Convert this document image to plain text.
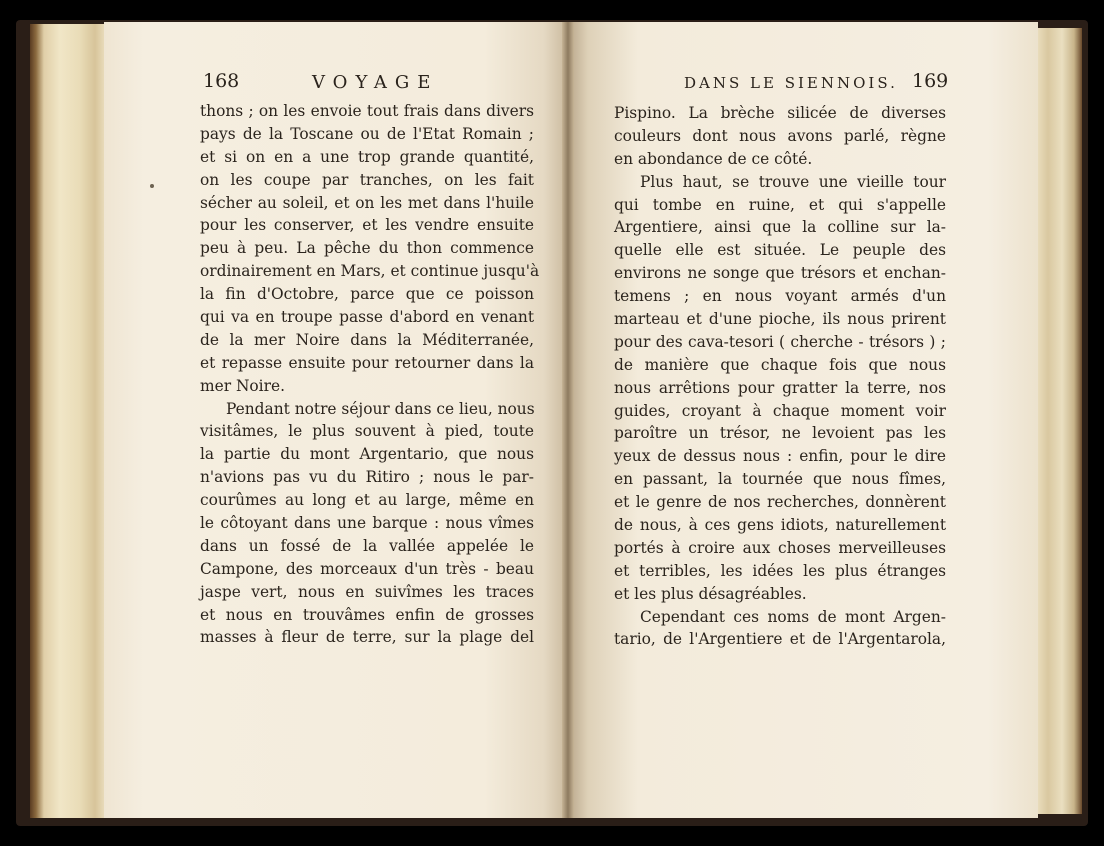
168	VOYAGE	DANS LE SIENNOIS. 169
thons ; on les envoie tout frais dans divers
pays de la Toscane ou de l'Etat Romain ;
et si on en a une trop grande quantité,
on les coupe par tranches, on les fait
sécher au soleil, et on les met dans l'huile
pour les conserver, et les vendre ensuite
peu à peu. La pêche du thon commence
ordinairement en Mars, et continue jusqu'à
la fin d'Octobre, parce que ce poisson
qui va en troupe passe d'abord en venant
de la mer Noire dans la Méditerranée,
et repasse ensuite pour retourner dans la
mer Noire.
Pendant notre séjour dans ce lieu, nous
visitâmes, le plus souvent à pied, toute
la partie du mont Argentario, que nous
n'avions pas vu du Ritiro ; nous le par-
courûmes au long et au large, même en
le côtoyant dans une barque : nous vîmes
dans un fossé de la vallée appelée le
Campone, des morceaux d'un très - beau
jaspe vert, nous en suivîmes les traces
et nous en trouvâmes enfin de grosses
masses à fleur de terre, sur la plage del
Pispino. La brèche silicée de diverses
couleurs dont nous avons parlé, règne
en abondance de ce côté.
Plus haut, se trouve une vieille tour
qui tombe en ruine, et qui s'appelle
Argentiere, ainsi que la colline sur la-
quelle elle est située. Le peuple des
environs ne songe que trésors et enchan-
temens ; en nous voyant armés d'un
marteau et d'une pioche, ils nous prirent
pour des cava-tesori ( cherche - trésors ) ;
de manière que chaque fois que nous
nous arrêtions pour gratter la terre, nos
guides, croyant à chaque moment voir
paroître un trésor, ne levoient pas les
yeux de dessus nous : enfin, pour le dire
en passant, la tournée que nous fîmes,
et le genre de nos recherches, donnèrent
de nous, à ces gens idiots, naturellement
portés à croire aux choses merveilleuses
et terribles, les idées les plus étranges
et les plus désagréables.
Cependant ces noms de mont Argen-
tario, de l'Argentiere et de l'Argentarola,
